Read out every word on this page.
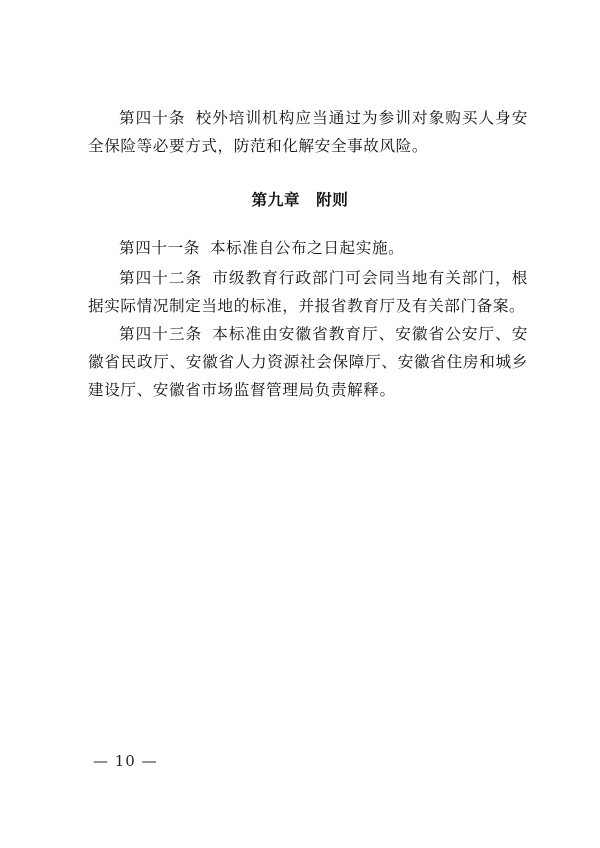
第四十条 校外培训机构应当通过为参训对象购买人身安全保险等必要方式，防范和化解安全事故风险。

第九章 附则

第四十一条 本标准自公布之日起实施。

第四十二条 市级教育行政部门可会同当地有关部门，根据实际情况制定当地的标准，并报省教育厅及有关部门备案。

第四十三条 本标准由安徽省教育厅、安徽省公安厅、安徽省民政厅、安徽省人力资源社会保障厅、安徽省住房和城乡建设厅、安徽省市场监督管理局负责解释。

— 10 —
